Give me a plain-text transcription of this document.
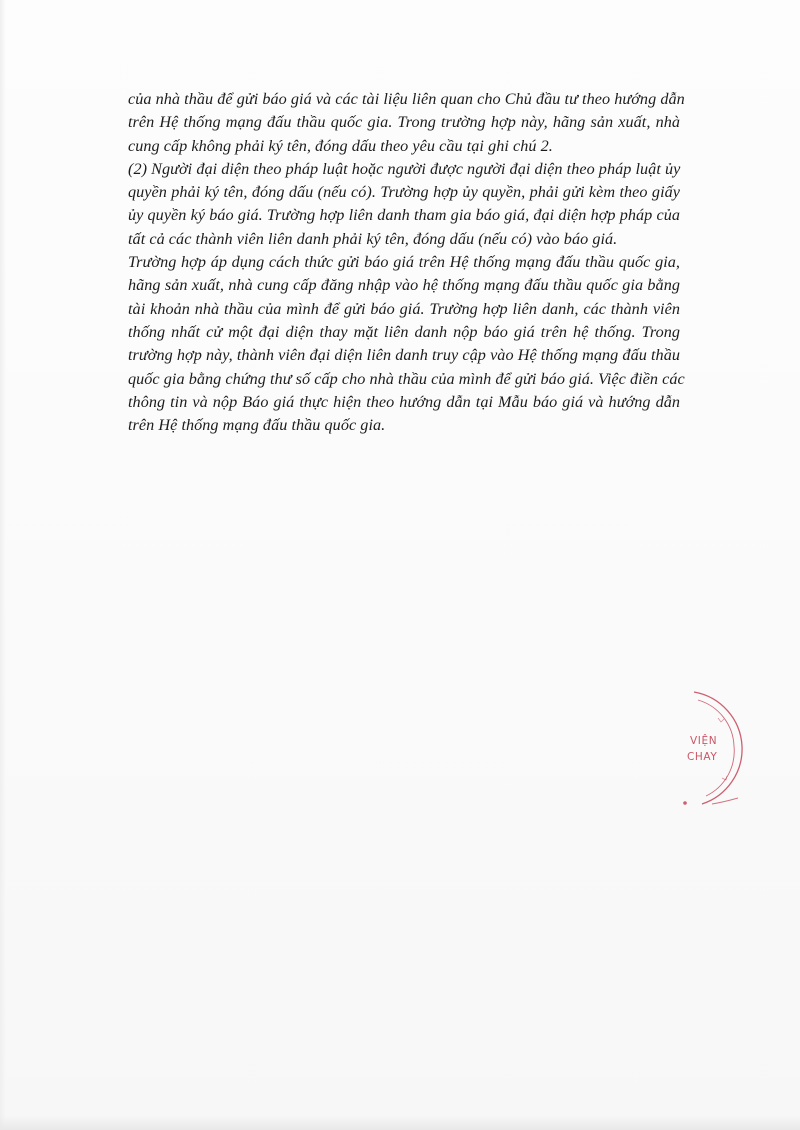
của nhà thầu để gửi báo giá và các tài liệu liên quan cho Chủ đầu tư theo hướng dẫn
trên Hệ thống mạng đấu thầu quốc gia. Trong trường hợp này, hãng sản xuất, nhà
cung cấp không phải ký tên, đóng dấu theo yêu cầu tại ghi chú 2.
(2) Người đại diện theo pháp luật hoặc người được người đại diện theo pháp luật ủy
quyền phải ký tên, đóng dấu (nếu có). Trường hợp ủy quyền, phải gửi kèm theo giấy
ủy quyền ký báo giá. Trường hợp liên danh tham gia báo giá, đại diện hợp pháp của
tất cả các thành viên liên danh phải ký tên, đóng dấu (nếu có) vào báo giá.
Trường hợp áp dụng cách thức gửi báo giá trên Hệ thống mạng đấu thầu quốc gia,
hãng sản xuất, nhà cung cấp đăng nhập vào hệ thống mạng đấu thầu quốc gia bằng
tài khoản nhà thầu của mình để gửi báo giá. Trường hợp liên danh, các thành viên
thống nhất cử một đại diện thay mặt liên danh nộp báo giá trên hệ thống. Trong
trường hợp này, thành viên đại diện liên danh truy cập vào Hệ thống mạng đấu thầu
quốc gia bằng chứng thư số cấp cho nhà thầu của mình để gửi báo giá. Việc điền các
thông tin và nộp Báo giá thực hiện theo hướng dẫn tại Mẫu báo giá và hướng dẫn
trên Hệ thống mạng đấu thầu quốc gia.
VIỆN
CHAY
